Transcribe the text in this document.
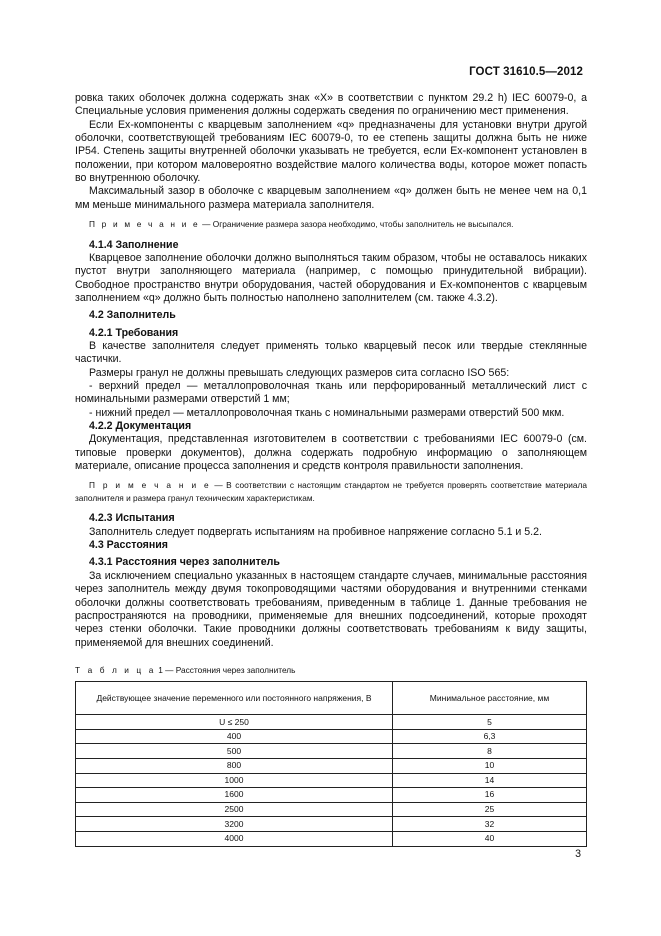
ГОСТ 31610.5—2012

ровка таких оболочек должна содержать знак «X» в соответствии с пунктом 29.2 h) IEC 60079-0, а Специальные условия применения должны содержать сведения по ограничению мест применения.

Если Ex-компоненты с кварцевым заполнением «q» предназначены для установки внутри другой оболочки, соответствующей требованиям IEC 60079-0, то ее степень защиты должна быть не ниже IP54. Степень защиты внутренней оболочки указывать не требуется, если Ex-компонент установлен в положении, при котором маловероятно воздействие малого количества воды, которое может попасть во внутреннюю оболочку.

Максимальный зазор в оболочке с кварцевым заполнением «q» должен быть не менее чем на 0,1 мм меньше минимального размера материала заполнителя.

П р и м е ч а н и е — Ограничение размера зазора необходимо, чтобы заполнитель не высыпался.

4.1.4 Заполнение

Кварцевое заполнение оболочки должно выполняться таким образом, чтобы не оставалось никаких пустот внутри заполняющего материала (например, с помощью принудительной вибрации). Свободное пространство внутри оборудования, частей оборудования и Ex-компонентов с кварцевым заполнением «q» должно быть полностью наполнено заполнителем (см. также 4.3.2).

4.2 Заполнитель

4.2.1 Требования

В качестве заполнителя следует применять только кварцевый песок или твердые стеклянные частички.

Размеры гранул не должны превышать следующих размеров сита согласно ISO 565:

- верхний предел — металлопроволочная ткань или перфорированный металлический лист с номинальными размерами отверстий 1 мм;

- нижний предел — металлопроволочная ткань с номинальными размерами отверстий 500 мкм.

4.2.2 Документация

Документация, представленная изготовителем в соответствии с требованиями IEC 60079-0 (см. типовые проверки документов), должна содержать подробную информацию о заполняющем материале, описание процесса заполнения и средств контроля правильности заполнения.

П р и м е ч а н и е — В соответствии с настоящим стандартом не требуется проверять соответствие материала заполнителя и размера гранул техническим характеристикам.

4.2.3 Испытания

Заполнитель следует подвергать испытаниям на пробивное напряжение согласно 5.1 и 5.2.

4.3 Расстояния

4.3.1 Расстояния через заполнитель

За исключением специально указанных в настоящем стандарте случаев, минимальные расстояния через заполнитель между двумя токопроводящими частями оборудования и внутренними стенками оболочки должны соответствовать требованиям, приведенным в таблице 1. Данные требования не распространяются на проводники, применяемые для внешних подсоединений, которые проходят через стенки оболочки. Такие проводники должны соответствовать требованиям к виду защиты, применяемой для внешних соединений.

Т а б л и ц а 1 — Расстояния через заполнитель

Действующее значение переменного или постоянного напряжения, В	Минимальное расстояние, мм
U ≤ 250	5
400	6,3
500	8
800	10
1000	14
1600	16
2500	25
3200	32
4000	40
3
